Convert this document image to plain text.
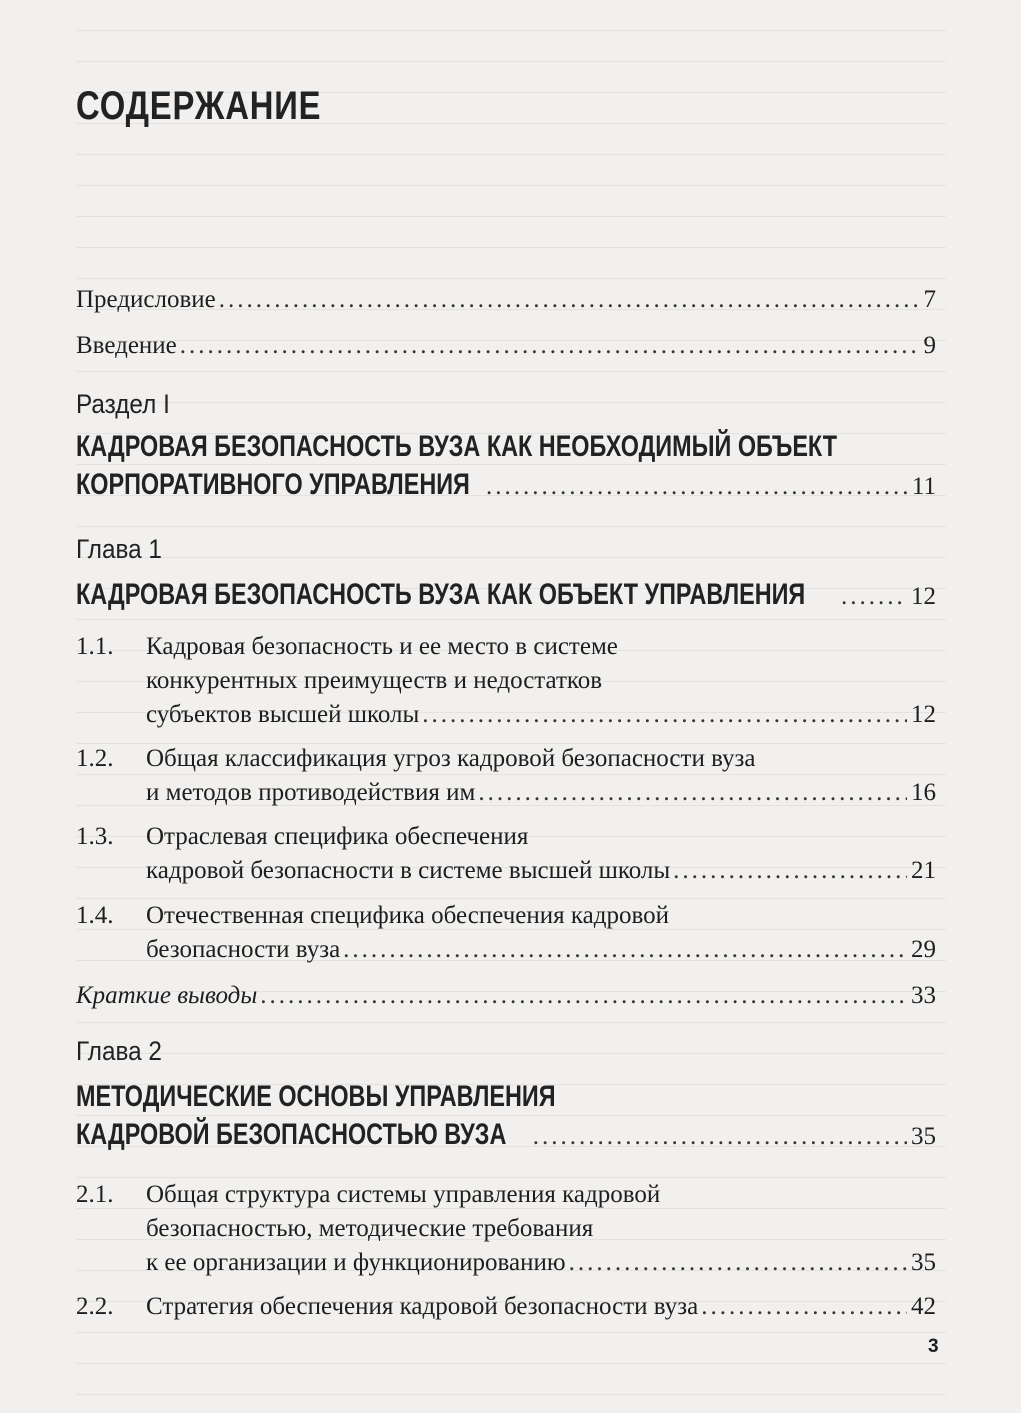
СОДЕРЖАНИЕ
Предисловие .....	7
Введение .....	9
Раздел I
КАДРОВАЯ БЕЗОПАСНОСТЬ ВУЗА КАК НЕОБХОДИМЫЙ ОБЪЕКТ
КОРПОРАТИВНОГО УПРАВЛЕНИЯ .....	11
Глава 1
КАДРОВАЯ БЕЗОПАСНОСТЬ ВУЗА КАК ОБЪЕКТ УПРАВЛЕНИЯ .....	12
1.1. Кадровая безопасность и ее место в системе
конкурентных преимуществ и недостатков
субъектов высшей школы .....	12
1.2. Общая классификация угроз кадровой безопасности вуза
и методов противодействия им .....	16
1.3. Отраслевая специфика обеспечения
кадровой безопасности в системе высшей школы .....	21
1.4. Отечественная специфика обеспечения кадровой
безопасности вуза .....	29
Краткие выводы .....	33
Глава 2
МЕТОДИЧЕСКИЕ ОСНОВЫ УПРАВЛЕНИЯ
КАДРОВОЙ БЕЗОПАСНОСТЬЮ ВУЗА .....	35
2.1. Общая структура системы управления кадровой
безопасностью, методические требования
к ее организации и функционированию .....	35
2.2. Стратегия обеспечения кадровой безопасности вуза .....	42
3
